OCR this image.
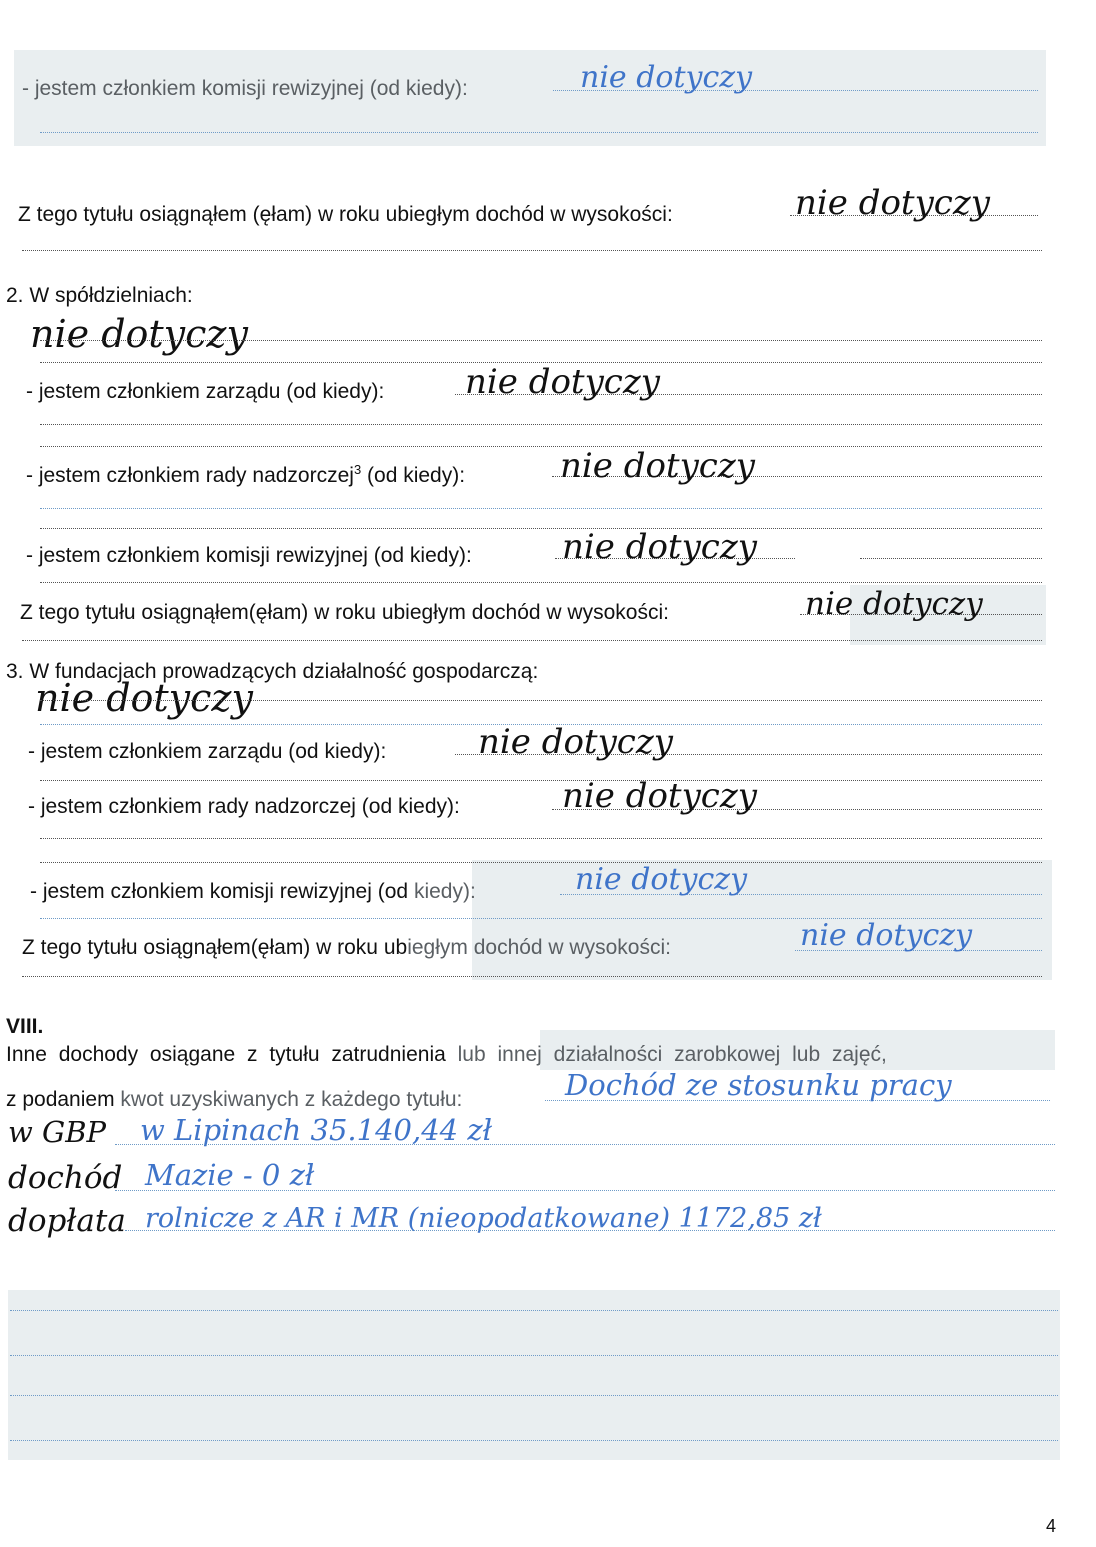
- jestem członkiem komisji rewizyjnej (od kiedy):	nie dotyczy
Z tego tytułu osiągnąłem (ęłam) w roku ubiegłym dochód w wysokości:	nie dotyczy
2. W spółdzielniach:
nie dotyczy
- jestem członkiem zarządu (od kiedy): nie dotyczy
- jestem członkiem rady nadzorczej$^3$ (od kiedy):	nie dotyczy
- jestem członkiem komisji rewizyjnej (od kiedy):	nie dotyczy
Z tego tytułu osiągnąłem(ęłam) w roku ubiegłym dochód w wysokości:	nie dotyczy
3. W fundacjach prowadzących działalność gospodarczą:
nie dotyczy
- jestem członkiem zarządu (od kiedy):	nie dotyczy
- jestem członkiem rady nadzorczej (od kiedy):	nie dotyczy
- jestem członkiem komisji rewizyjnej (od kiedy):	nie dotyczy
Z tego tytułu osiągnąłem(ęłam) w roku ubiegłym dochód w wysokości:	nie dotyczy
VIII.
Inne dochody osiągane z tytułu zatrudnienia lub innej działalności zarobkowej lub zajęć,
z podaniem kwot uzyskiwanych z każdego tytułu:	Dochód ze stosunku pracy
w GBP w Lipinach 35.140,44 zł
dochód Mazie - 0 zł
dopłata rolnicze z AR i MR (nieopodatkowane) 1172,85 zł
4
